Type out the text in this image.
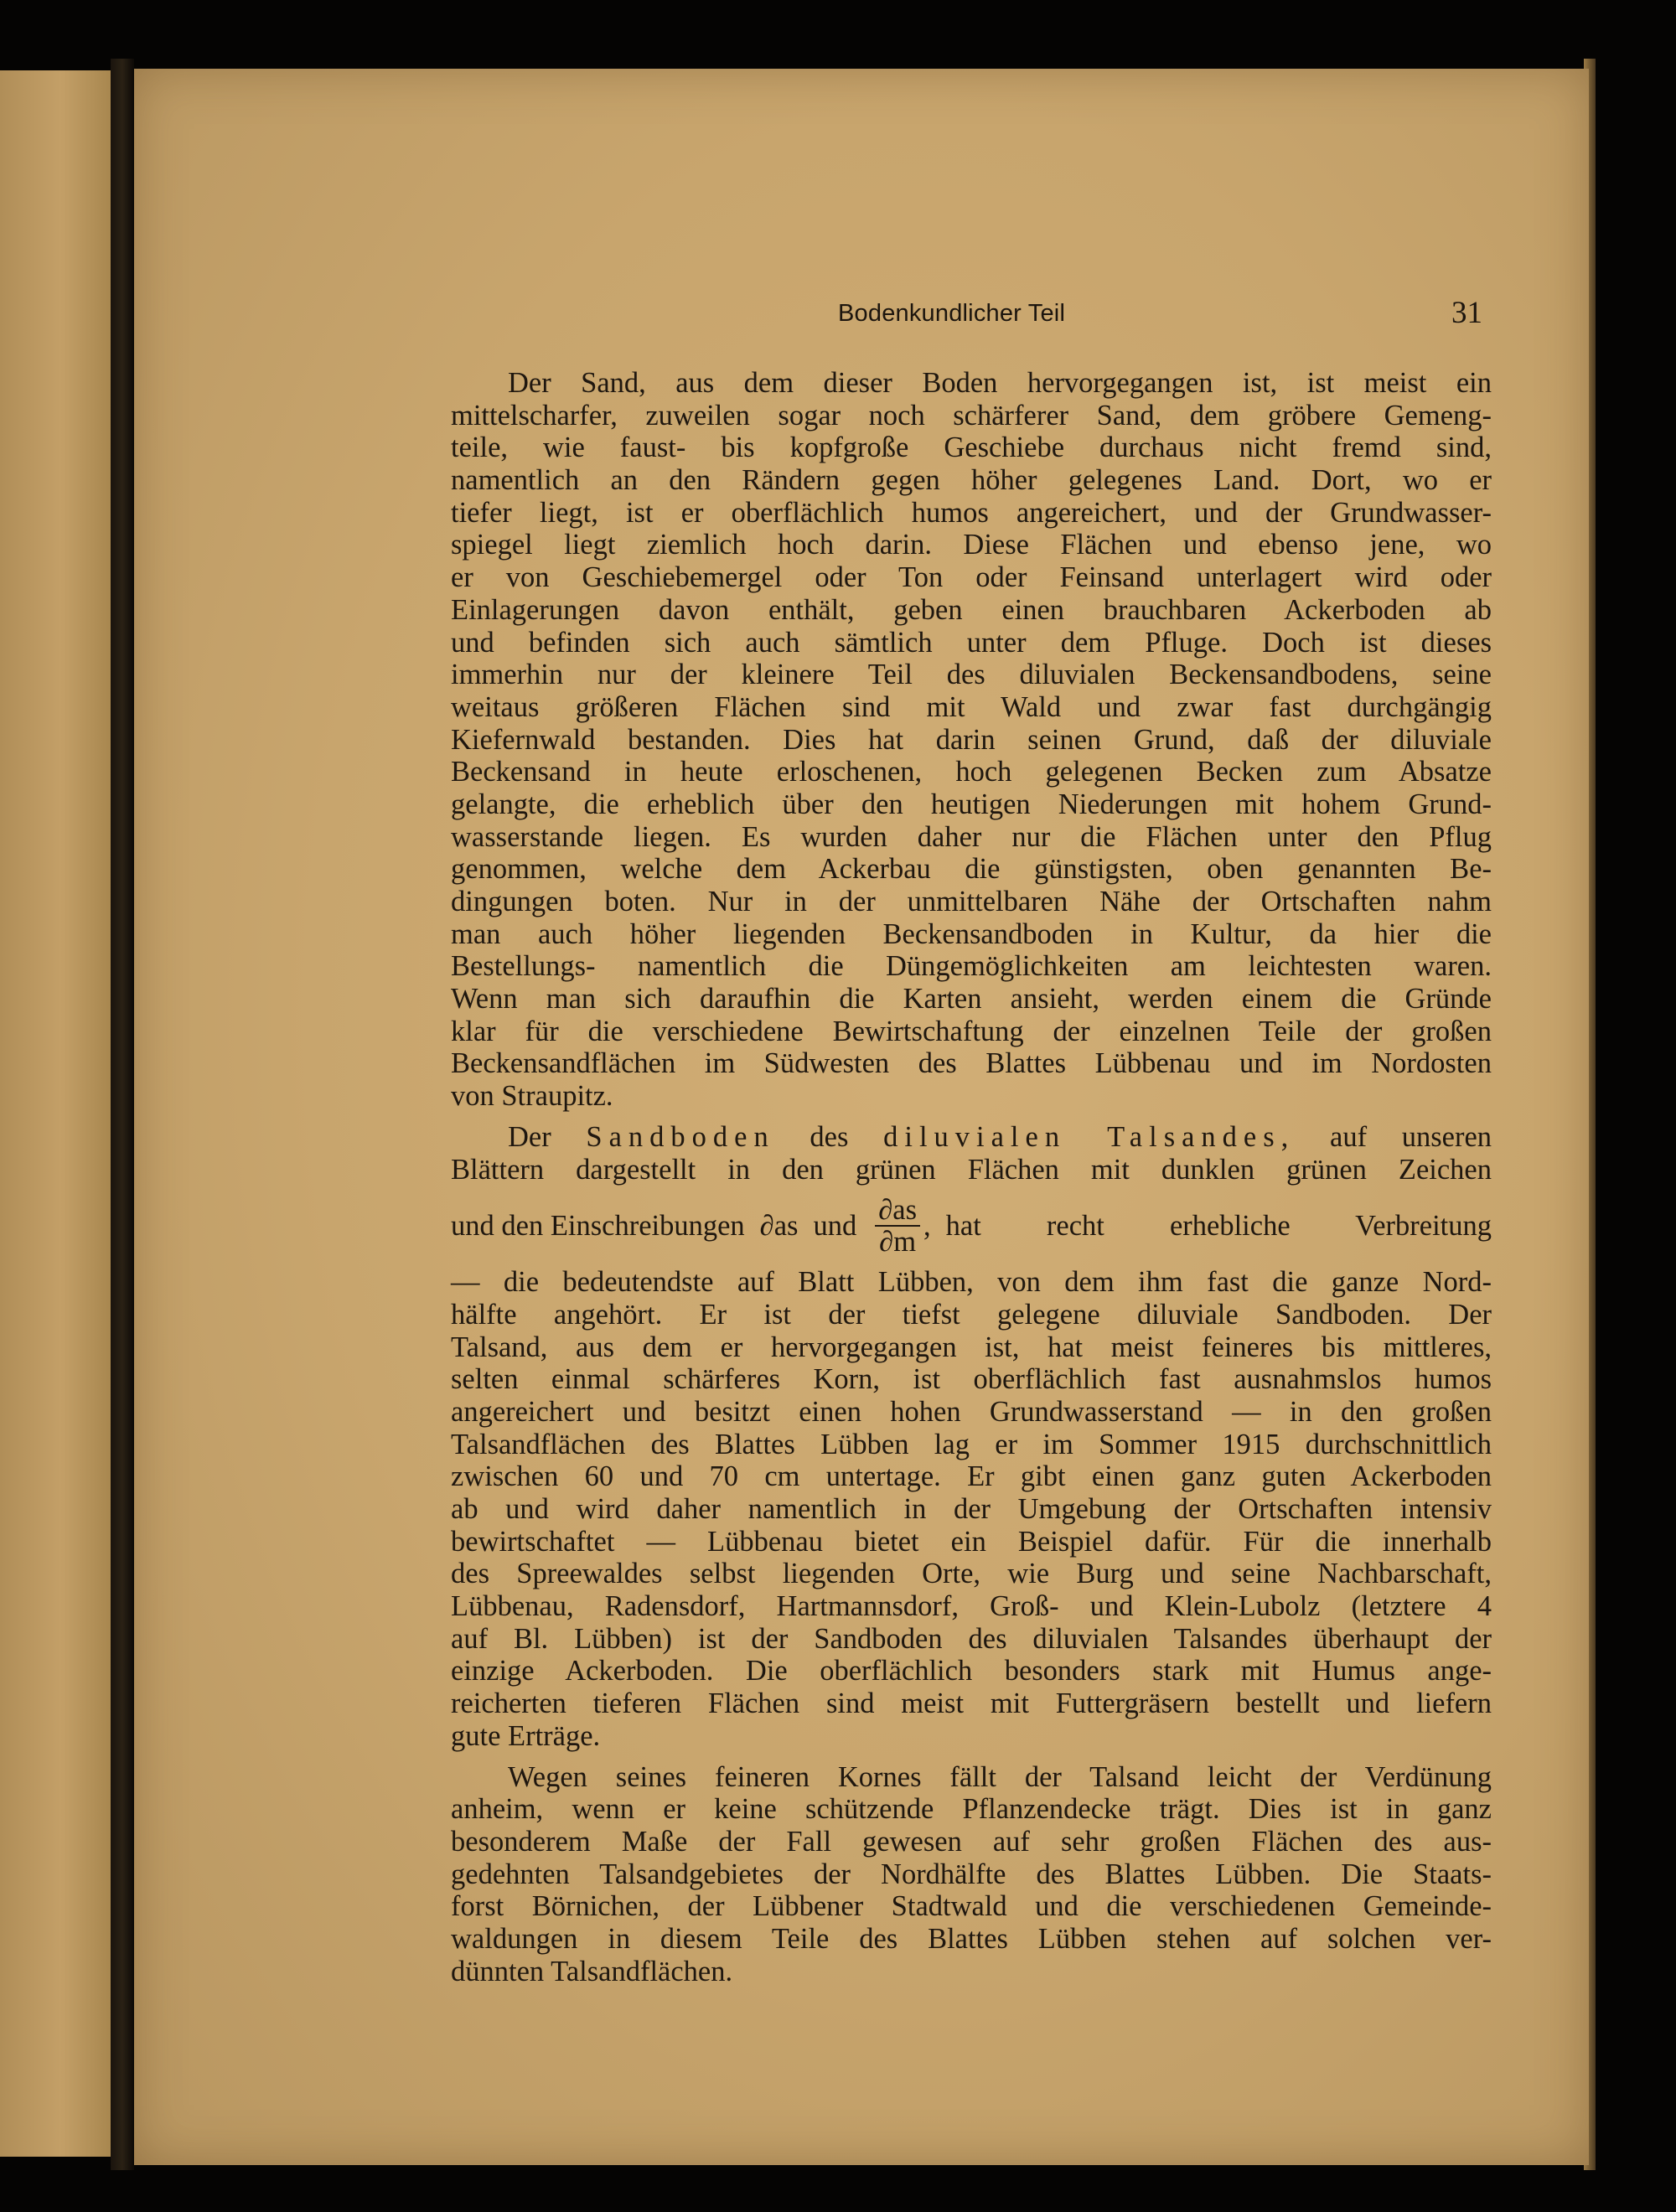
Bodenkundlicher Teil	31
Der Sand, aus dem dieser Boden hervorgegangen ist, ist meist ein
mittelscharfer, zuweilen sogar noch schärferer Sand, dem gröbere Gemeng-
teile, wie faust- bis kopfgroße Geschiebe durchaus nicht fremd sind,
namentlich an den Rändern gegen höher gelegenes Land. Dort, wo er
tiefer liegt, ist er oberflächlich humos angereichert, und der Grundwasser-
spiegel liegt ziemlich hoch darin. Diese Flächen und ebenso jene, wo
er von Geschiebemergel oder Ton oder Feinsand unterlagert wird oder
Einlagerungen davon enthält, geben einen brauchbaren Ackerboden ab
und befinden sich auch sämtlich unter dem Pfluge. Doch ist dieses
immerhin nur der kleinere Teil des diluvialen Beckensandbodens, seine
weitaus größeren Flächen sind mit Wald und zwar fast durchgängig
Kiefernwald bestanden. Dies hat darin seinen Grund, daß der diluviale
Beckensand in heute erloschenen, hoch gelegenen Becken zum Absatze
gelangte, die erheblich über den heutigen Niederungen mit hohem Grund-
wasserstande liegen. Es wurden daher nur die Flächen unter den Pflug
genommen, welche dem Ackerbau die günstigsten, oben genannten Be-
dingungen boten. Nur in der unmittelbaren Nähe der Ortschaften nahm
man auch höher liegenden Beckensandboden in Kultur, da hier die
Bestellungs- namentlich die Düngemöglichkeiten am leichtesten waren.
Wenn man sich daraufhin die Karten ansieht, werden einem die Gründe
klar für die verschiedene Bewirtschaftung der einzelnen Teile der großen
Beckensandflächen im Südwesten des Blattes Lübbenau und im Nordosten
von Straupitz.
Der Sandboden des diluvialen Talsandes, auf unseren
Blättern dargestellt in den grünen Flächen mit dunklen grünen Zeichen
und den Einschreibungen ∂as und $\frac{\partial as}{\partial m}$ , hat recht erhebliche Verbreitung
— die bedeutendste auf Blatt Lübben, von dem ihm fast die ganze Nord-
hälfte angehört. Er ist der tiefst gelegene diluviale Sandboden. Der
Talsand, aus dem er hervorgegangen ist, hat meist feineres bis mittleres,
selten einmal schärferes Korn, ist oberflächlich fast ausnahmslos humos
angereichert und besitzt einen hohen Grundwasserstand — in den großen
Talsandflächen des Blattes Lübben lag er im Sommer 1915 durchschnittlich
zwischen 60 und 70 cm untertage. Er gibt einen ganz guten Ackerboden
ab und wird daher namentlich in der Umgebung der Ortschaften intensiv
bewirtschaftet — Lübbenau bietet ein Beispiel dafür. Für die innerhalb
des Spreewaldes selbst liegenden Orte, wie Burg und seine Nachbarschaft,
Lübbenau, Radensdorf, Hartmannsdorf, Groß- und Klein-Lubolz (letztere 4
auf Bl. Lübben) ist der Sandboden des diluvialen Talsandes überhaupt der
einzige Ackerboden. Die oberflächlich besonders stark mit Humus ange-
reicherten tieferen Flächen sind meist mit Futtergräsern bestellt und liefern
gute Erträge.
Wegen seines feineren Kornes fällt der Talsand leicht der Verdünung
anheim, wenn er keine schützende Pflanzendecke trägt. Dies ist in ganz
besonderem Maße der Fall gewesen auf sehr großen Flächen des aus-
gedehnten Talsandgebietes der Nordhälfte des Blattes Lübben. Die Staats-
forst Börnichen, der Lübbener Stadtwald und die verschiedenen Gemeinde-
waldungen in diesem Teile des Blattes Lübben stehen auf solchen ver-
dünnten Talsandflächen.
